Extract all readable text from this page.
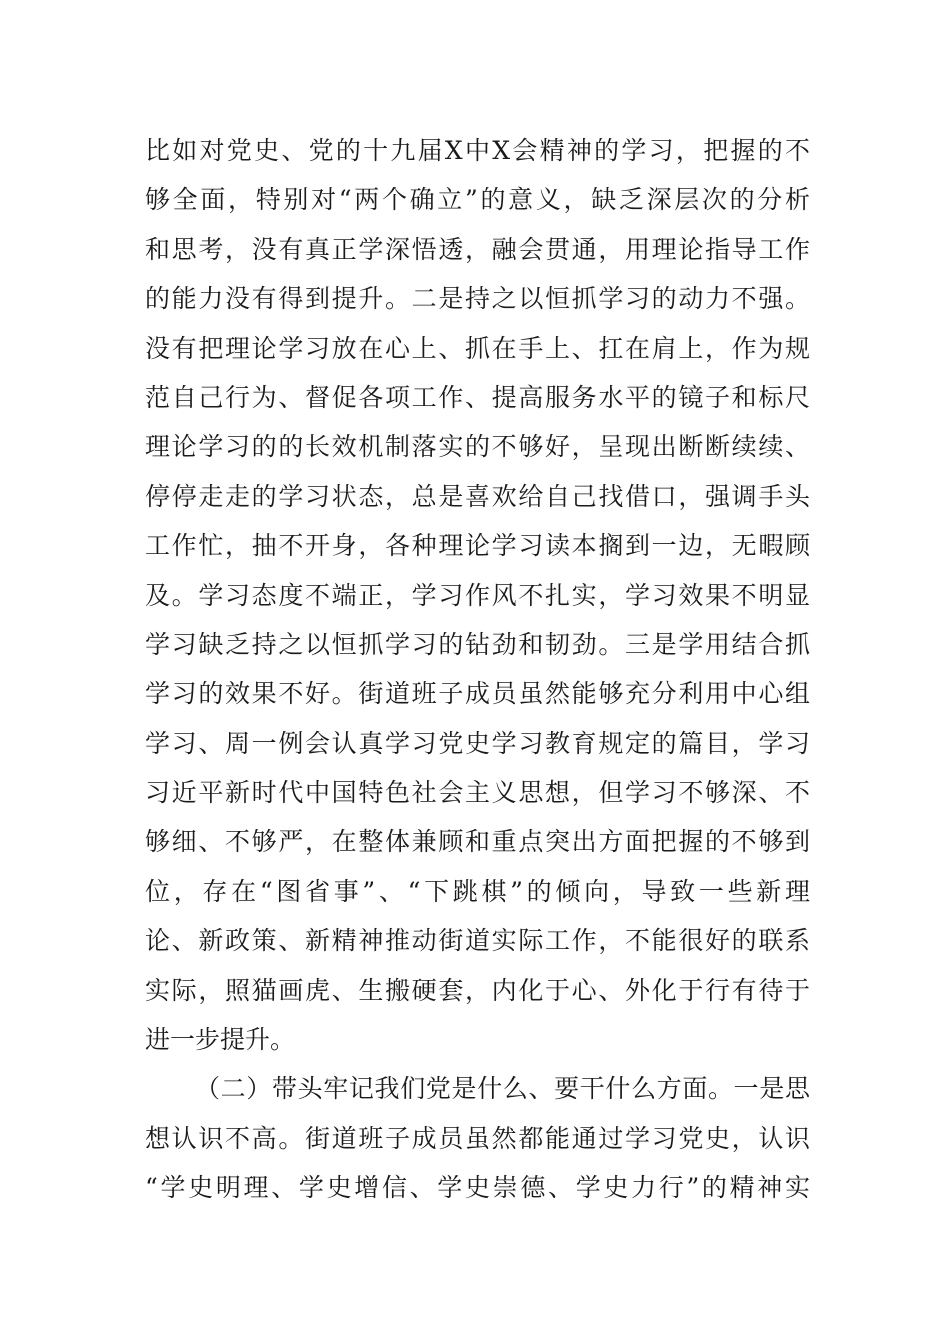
比如对党史、党的十九届X中X会精神的学习，把握的不
够全面，特别对“两个确立”的意义，缺乏深层次的分析
和思考，没有真正学深悟透，融会贯通，用理论指导工作
的能力没有得到提升。二是持之以恒抓学习的动力不强。
没有把理论学习放在心上、抓在手上、扛在肩上，作为规
范自己行为、督促各项工作、提高服务水平的镜子和标尺
理论学习的的长效机制落实的不够好，呈现出断断续续、
停停走走的学习状态，总是喜欢给自己找借口，强调手头
工作忙，抽不开身，各种理论学习读本搁到一边，无暇顾
及。学习态度不端正，学习作风不扎实，学习效果不明显
学习缺乏持之以恒抓学习的钻劲和韧劲。三是学用结合抓
学习的效果不好。街道班子成员虽然能够充分利用中心组
学习、周一例会认真学习党史学习教育规定的篇目，学习
习近平新时代中国特色社会主义思想，但学习不够深、不
够细、不够严，在整体兼顾和重点突出方面把握的不够到
位，存在“图省事”、“下跳棋”的倾向，导致一些新理
论、新政策、新精神推动街道实际工作，不能很好的联系
实际，照猫画虎、生搬硬套，内化于心、外化于行有待于
进一步提升。
（二）带头牢记我们党是什么、要干什么方面。一是思
想认识不高。街道班子成员虽然都能通过学习党史，认识
“学史明理、学史增信、学史崇德、学史力行”的精神实
